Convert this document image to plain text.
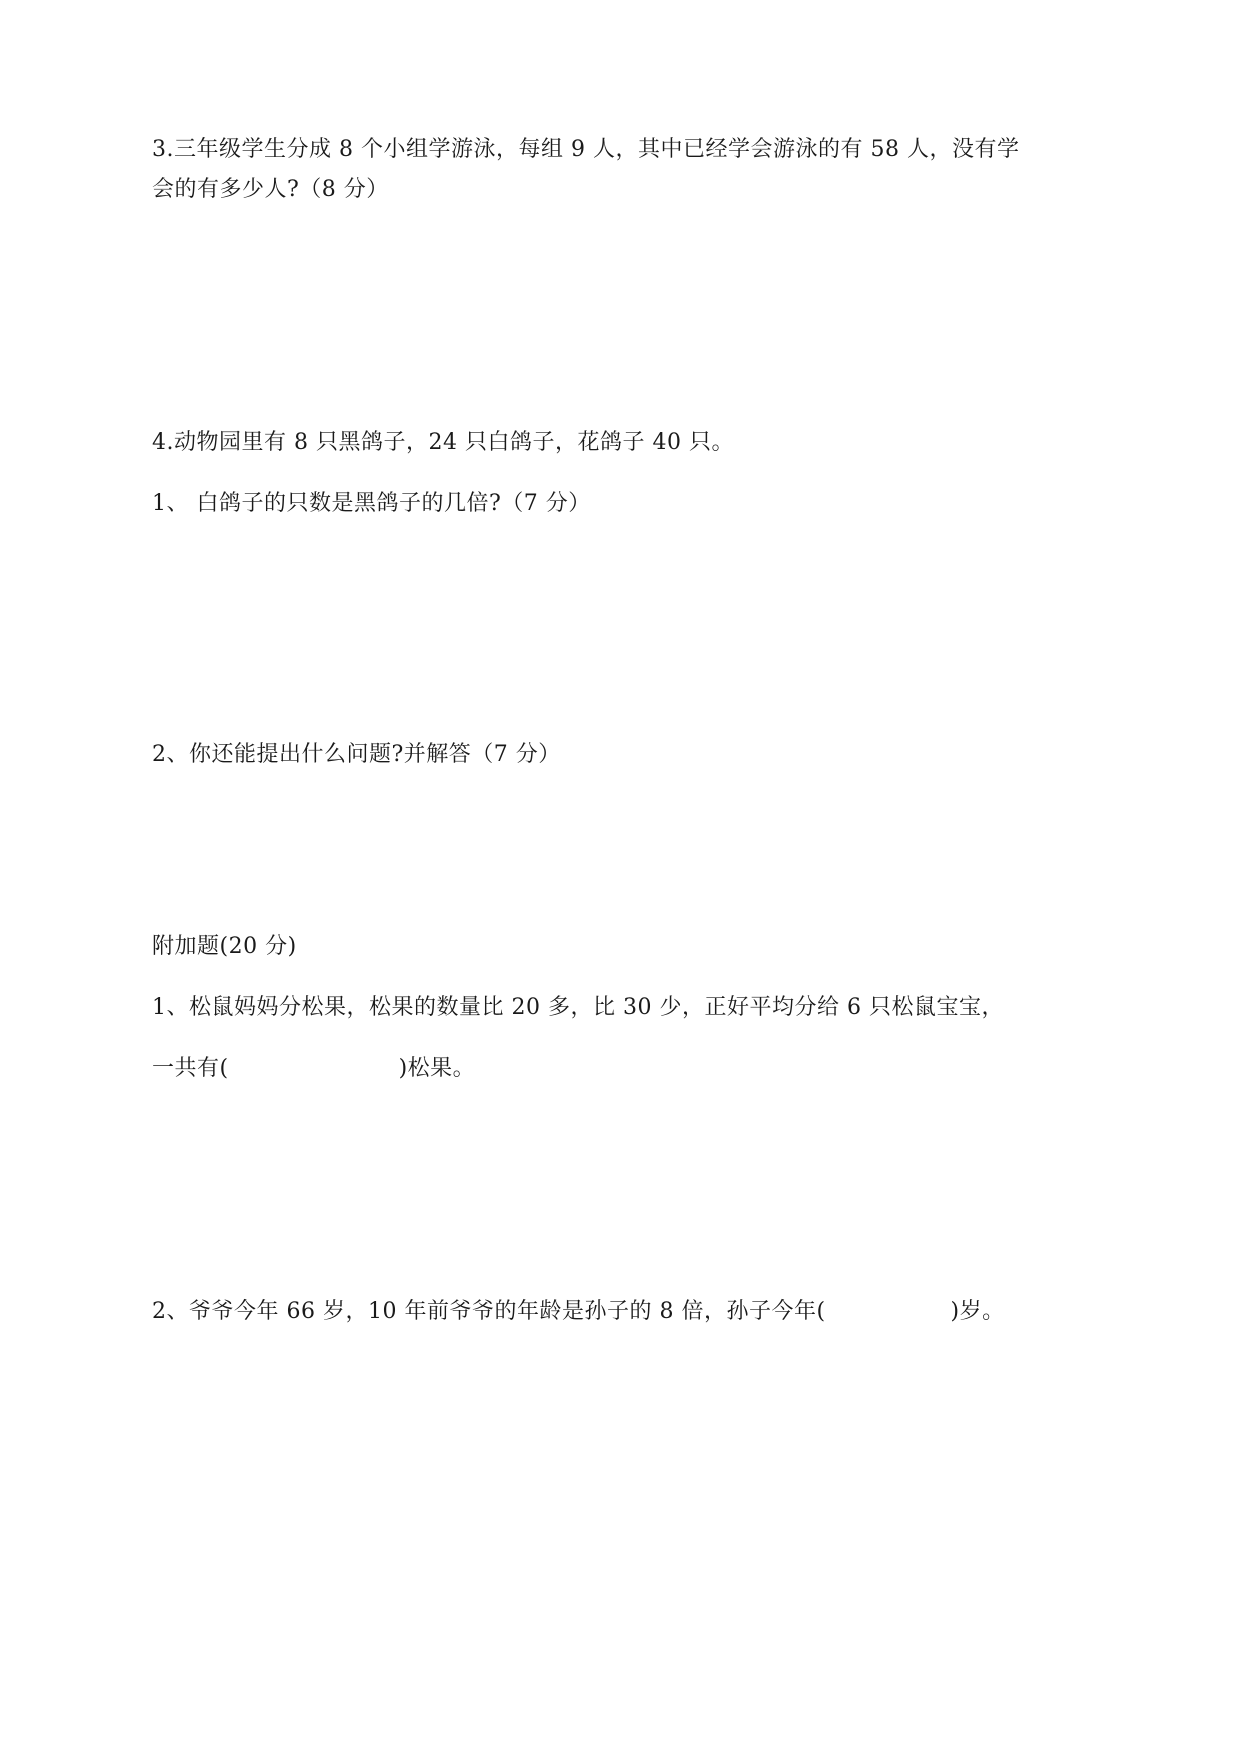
3.三年级学生分成 8 个小组学游泳，每组 9 人，其中已经学会游泳的有 58 人，没有学
会的有多少人?（8 分）
4.动物园里有 8 只黑鸽子，24 只白鸽子，花鸽子 40 只。
1、 白鸽子的只数是黑鸽子的几倍?（7 分）
2、你还能提出什么问题?并解答（7 分）
附加题(20 分)
1、松鼠妈妈分松果，松果的数量比 20 多，比 30 少，正好平均分给 6 只松鼠宝宝，
一共有(	)松果。
2、爷爷今年 66 岁，10 年前爷爷的年龄是孙子的 8 倍，孙子今年(	)岁。
